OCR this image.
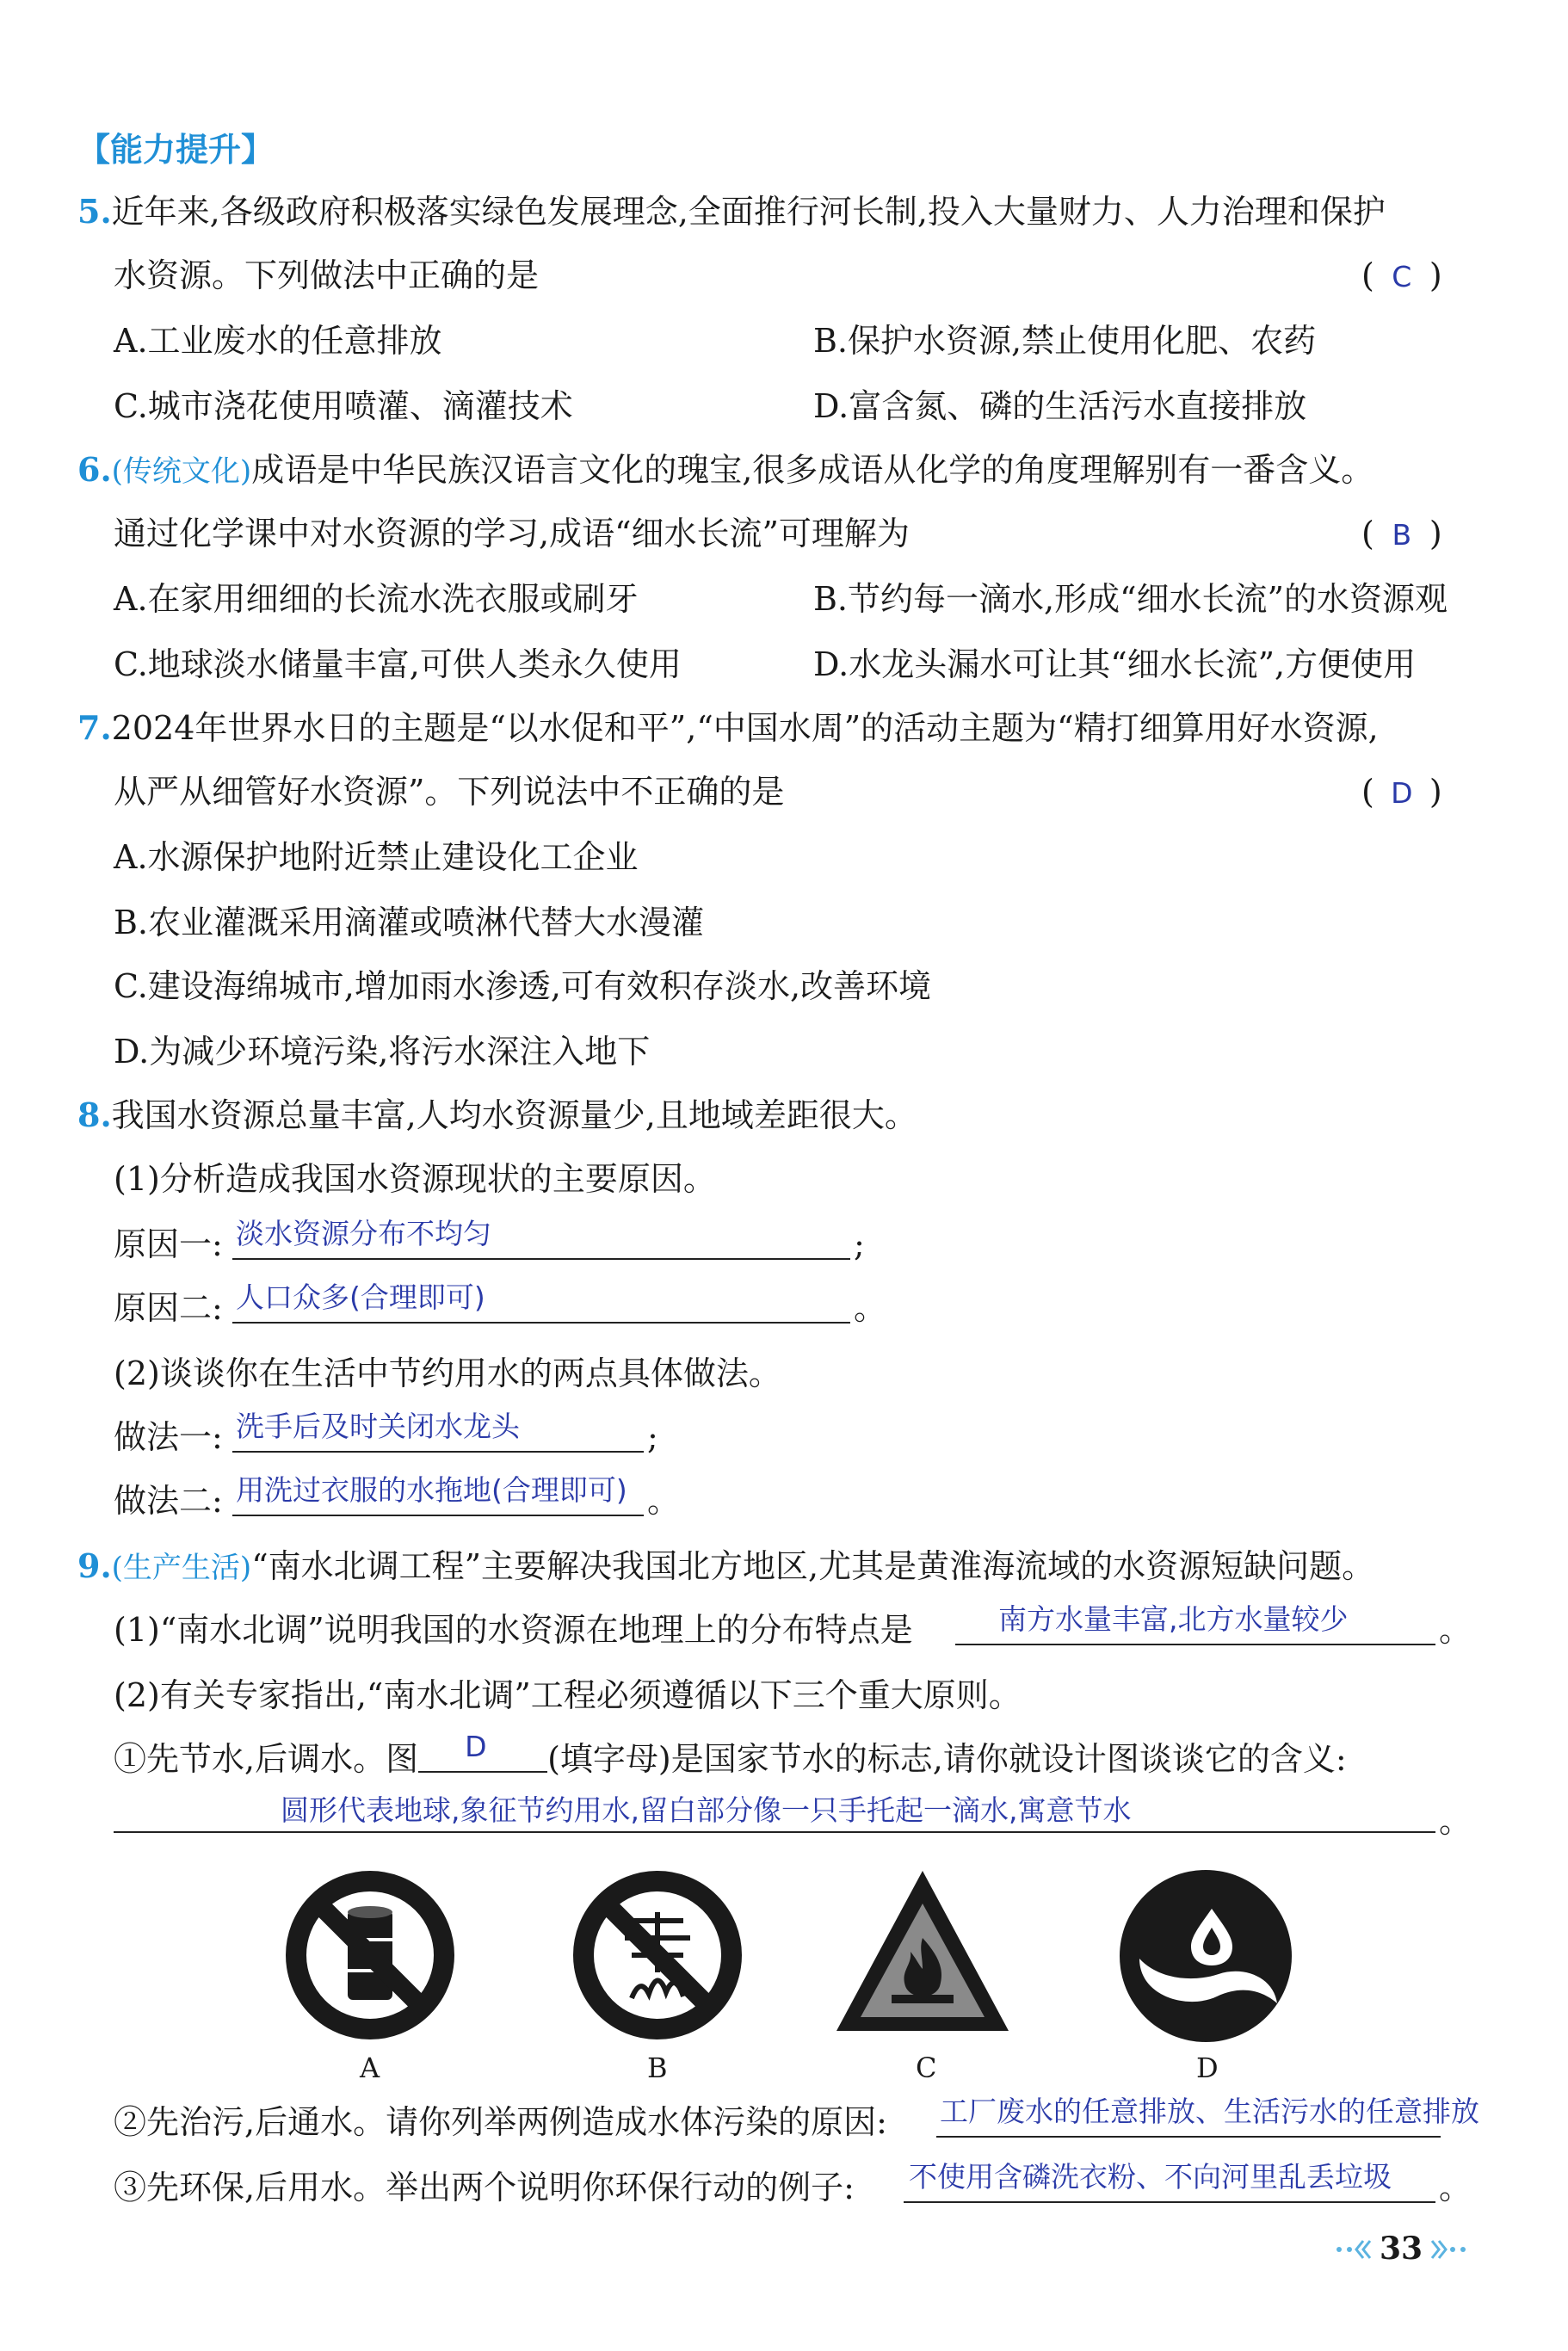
【能力提升】
5.近年来,各级政府积极落实绿色发展理念,全面推行河长制,投入大量财力、人力治理和保护
水资源。下列做法中正确的是	( C )
A.工业废水的任意排放	B.保护水资源,禁止使用化肥、农药
C.城市浇花使用喷灌、滴灌技术	D.富含氮、磷的生活污水直接排放
6.(传统文化)成语是中华民族汉语言文化的瑰宝,很多成语从化学的角度理解别有一番含义。
通过化学课中对水资源的学习,成语“细水长流”可理解为	( B )
A.在家用细细的长流水洗衣服或刷牙	B.节约每一滴水,形成“细水长流”的水资源观
C.地球淡水储量丰富,可供人类永久使用	D.水龙头漏水可让其“细水长流”,方便使用
7.2024年世界水日的主题是“以水促和平”,“中国水周”的活动主题为“精打细算用好水资源,
从严从细管好水资源”。下列说法中不正确的是	( D )
A.水源保护地附近禁止建设化工企业
B.农业灌溉采用滴灌或喷淋代替大水漫灌
C.建设海绵城市,增加雨水渗透,可有效积存淡水,改善环境
D.为减少环境污染,将污水深注入地下
8.我国水资源总量丰富,人均水资源量少,且地域差距很大。
(1)分析造成我国水资源现状的主要原因。
原因一: 淡水资源分布不均匀	;
原因二: 人口众多(合理即可)	。
(2)谈谈你在生活中节约用水的两点具体做法。
做法一: 洗手后及时关闭水龙头	;
做法二: 用洗过衣服的水拖地(合理即可) 。
9.(生产生活)“南水北调工程”主要解决我国北方地区,尤其是黄淮海流域的水资源短缺问题。
(1)“南水北调”说明我国的水资源在地理上的分布特点是	南方水量丰富,北方水量较少	。
(2)有关专家指出,“南水北调”工程必须遵循以下三个重大原则。
①先节水,后调水。图 D (填字母)是国家节水的标志,请你就设计图谈谈它的含义:
圆形代表地球,象征节约用水,留白部分像一只手托起一滴水,寓意节水	。
A	B	C	D
②先治污,后通水。请你列举两例造成水体污染的原因: 工厂废水的任意排放、生活污水的任意排放
③先环保,后用水。举出两个说明你环保行动的例子: 不使用含磷洗衣粉、不向河里乱丢垃圾 。
33
